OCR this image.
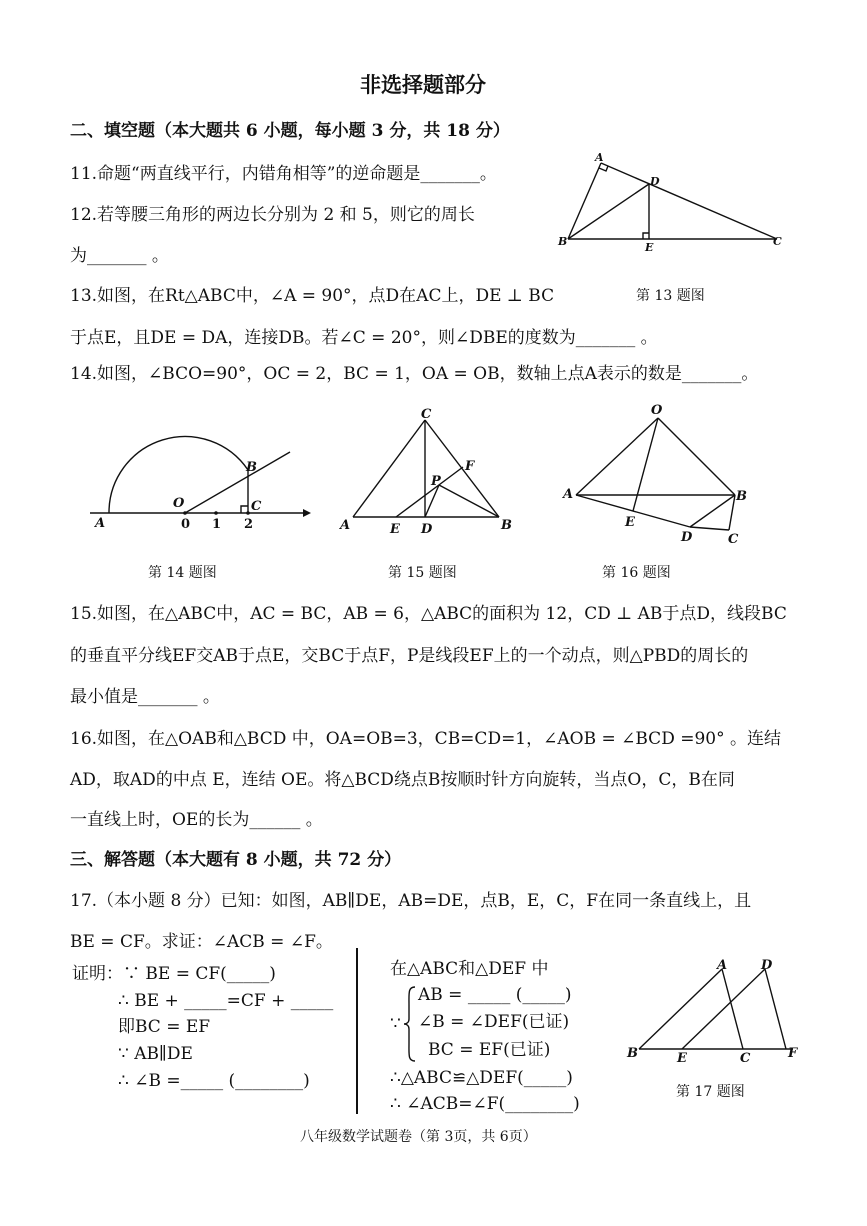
非选择题部分
二、填空题（本大题共 6 小题，每小题 3 分，共 18 分）
11.命题“两直线平行，内错角相等”的逆命题是_______。
12.若等腰三角形的两边长分别为 2 和 5，则它的周长
为_______ 。
13.如图，在Rt△ABC中，∠A = 90°，点D在AC上，DE ⊥ BC
于点E，且DE = DA，连接DB。若∠C = 20°，则∠DBE的度数为_______ 。
14.如图，∠BCO=90°，OC = 2，BC = 1，OA = OB，数轴上点A表示的数是_______。
A
B	C
D
E
第 13 题图
A
O
B
C
0 1 2
第 14 题图
A	B
C
D
E
F
P
第 15 题图
O
A	B
C
D
E
第 16 题图
15.如图，在△ABC中，AC = BC，AB = 6，△ABC的面积为 12，CD ⊥ AB于点D，线段BC
的垂直平分线EF交AB于点E，交BC于点F，P是线段EF上的一个动点，则△PBD的周长的
最小值是_______ 。
16.如图，在△OAB和△BCD 中，OA=OB=3，CB=CD=1，∠AOB = ∠BCD =90° 。连结
AD，取AD的中点 E，连结 OE。将△BCD绕点B按顺时针方向旋转，当点O，C，B在同
一直线上时，OE的长为______ 。
三、解答题（本大题有 8 小题，共 72 分）
17.（本小题 8 分）已知：如图，AB∥DE，AB=DE，点B，E，C，F在同一条直线上，且
BE = CF。求证：∠ACB = ∠F。
证明：∵ BE = CF(_____)
∴ BE + _____=CF + _____
即BC = EF
∵ AB∥DE
∴ ∠B =_____ (________)
在△ABC和△DEF 中
AB = _____ (_____)
∠B = ∠DEF(已证)
BC = EF(已证)
∴△ABC≌△DEF(_____)
∴ ∠ACB=∠F(________)
∵
A
B	C
D
E	F
第 17 题图
八年级数学试题卷（第 3页，共 6页）
